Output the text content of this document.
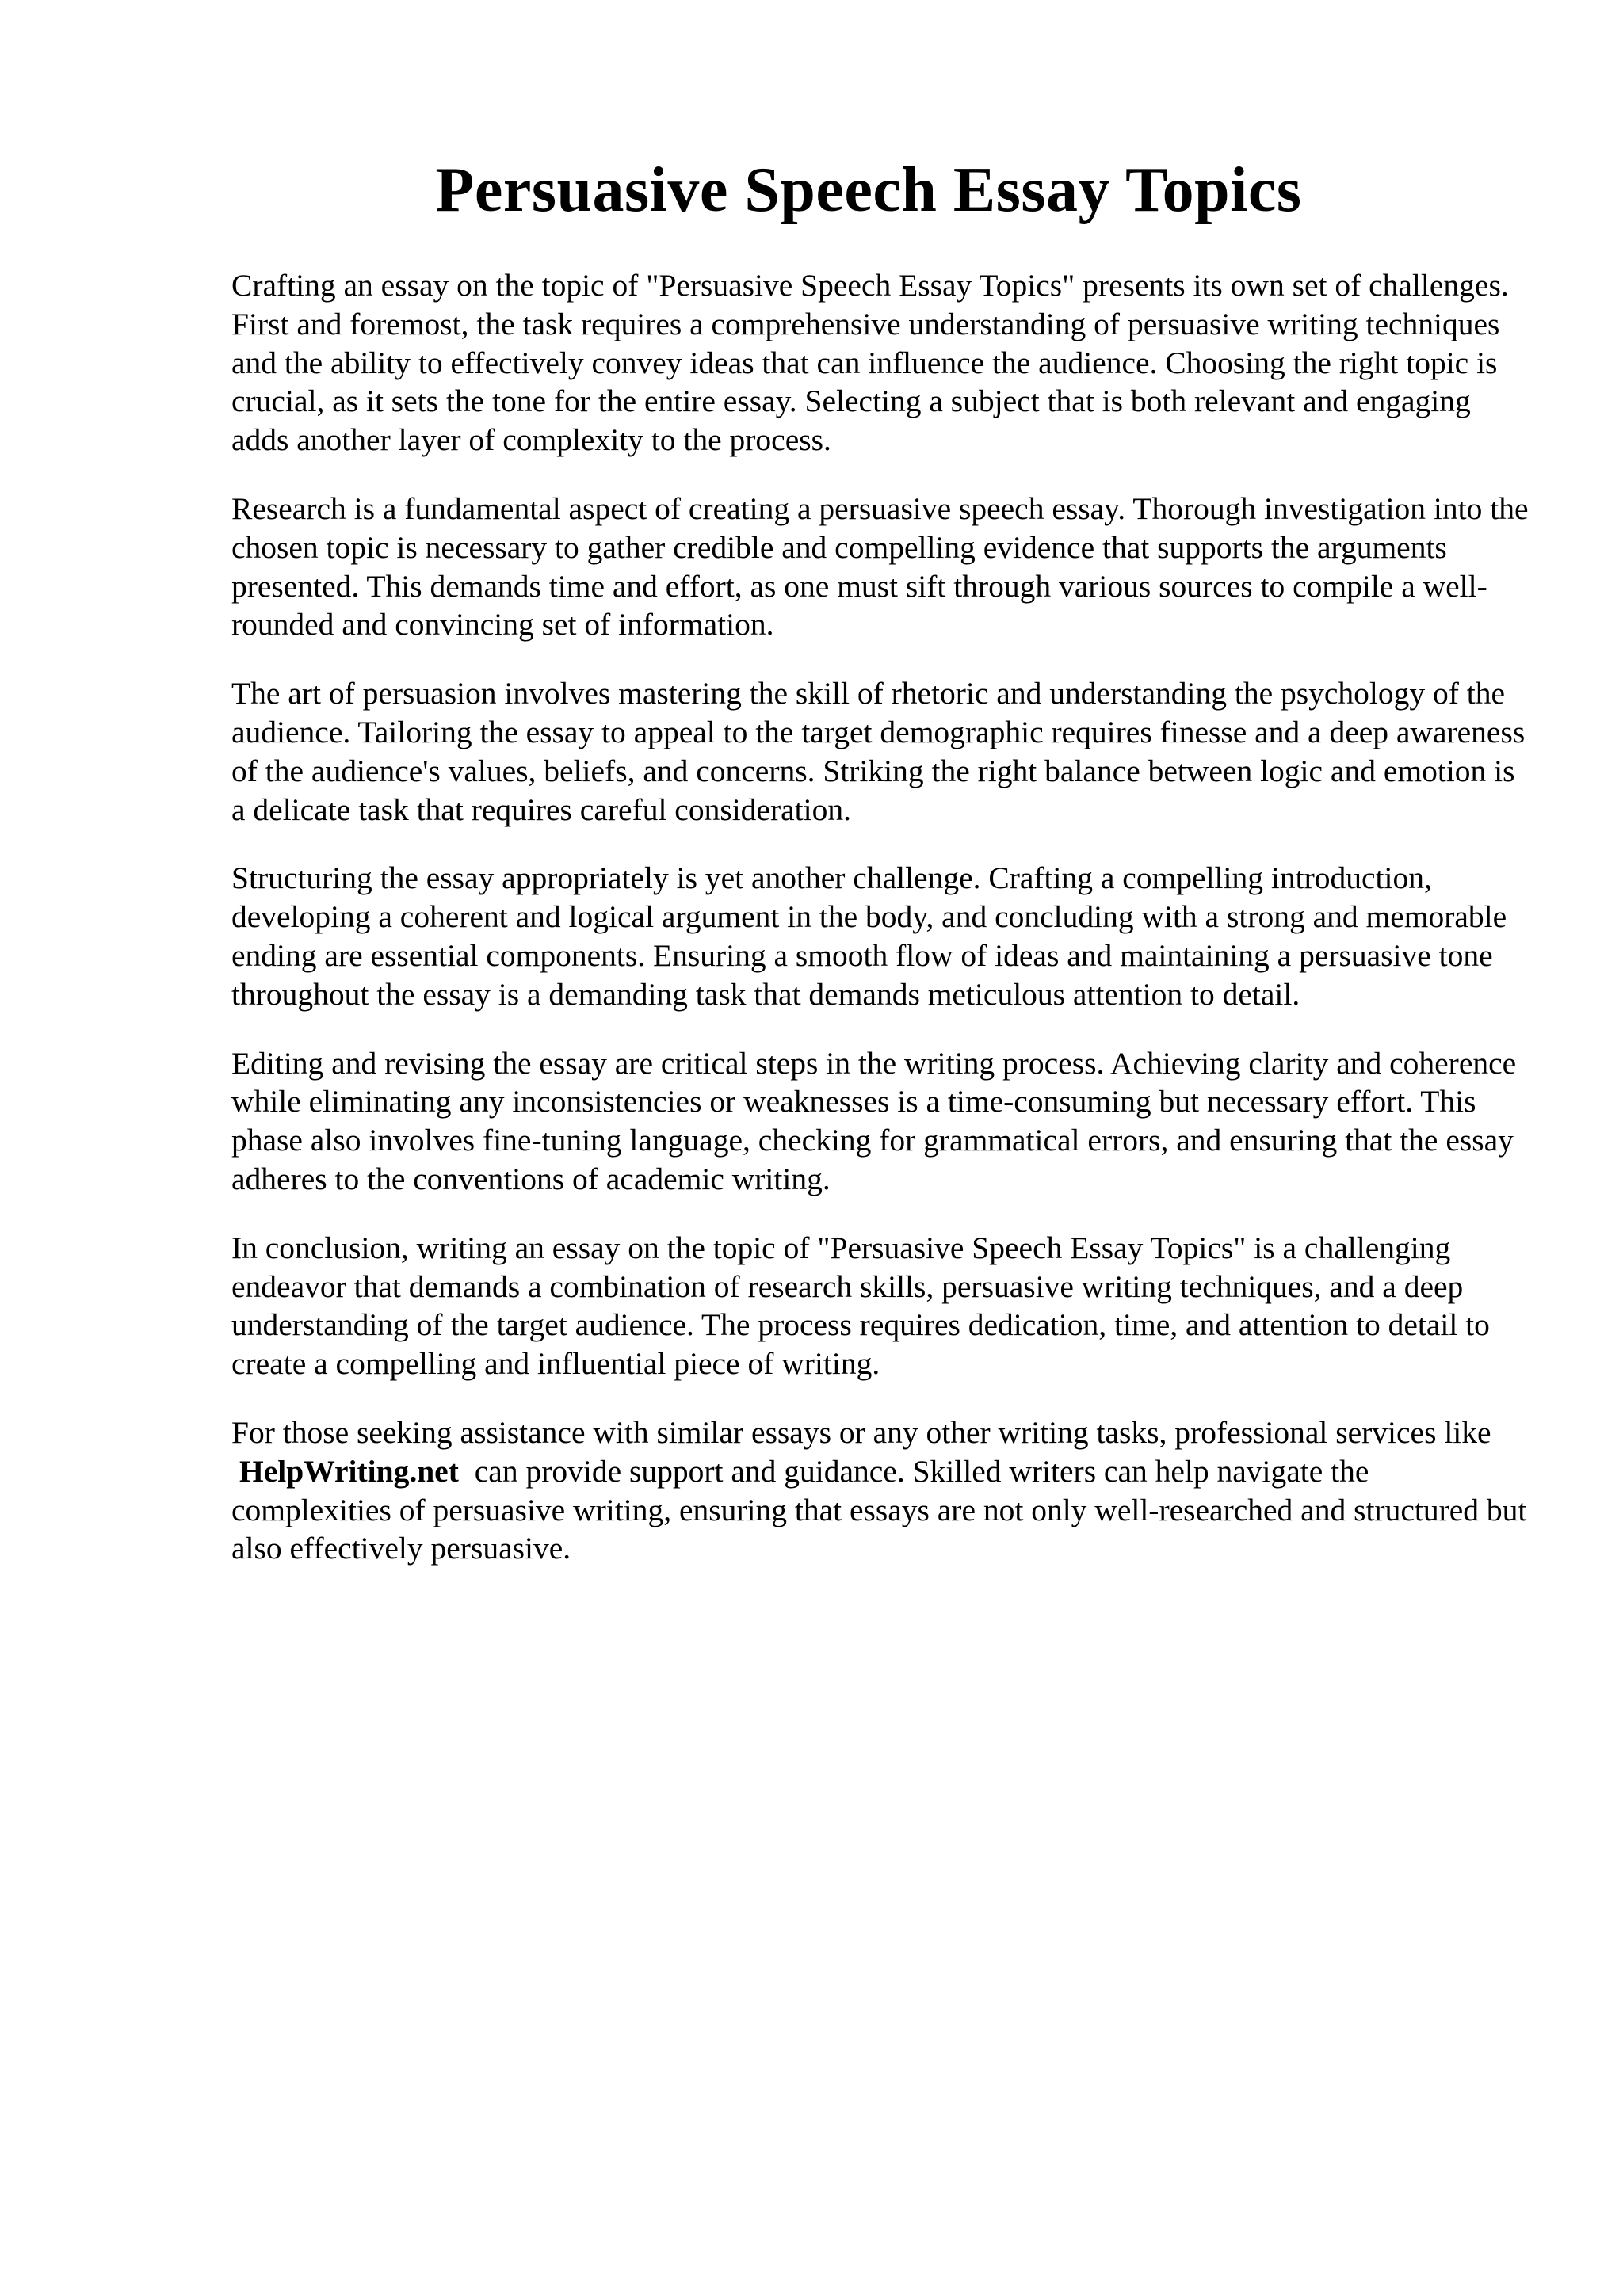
Persuasive Speech Essay Topics

Crafting an essay on the topic of "Persuasive Speech Essay Topics" presents its own set of challenges. First and foremost, the task requires a comprehensive understanding of persuasive writing techniques and the ability to effectively convey ideas that can influence the audience. Choosing the right topic is crucial, as it sets the tone for the entire essay. Selecting a subject that is both relevant and engaging adds another layer of complexity to the process.

Research is a fundamental aspect of creating a persuasive speech essay. Thorough investigation into the chosen topic is necessary to gather credible and compelling evidence that supports the arguments presented. This demands time and effort, as one must sift through various sources to compile a well-rounded and convincing set of information.

The art of persuasion involves mastering the skill of rhetoric and understanding the psychology of the audience. Tailoring the essay to appeal to the target demographic requires finesse and a deep awareness of the audience's values, beliefs, and concerns. Striking the right balance between logic and emotion is a delicate task that requires careful consideration.

Structuring the essay appropriately is yet another challenge. Crafting a compelling introduction, developing a coherent and logical argument in the body, and concluding with a strong and memorable ending are essential components. Ensuring a smooth flow of ideas and maintaining a persuasive tone throughout the essay is a demanding task that demands meticulous attention to detail.

Editing and revising the essay are critical steps in the writing process. Achieving clarity and coherence while eliminating any inconsistencies or weaknesses is a time-consuming but necessary effort. This phase also involves fine-tuning language, checking for grammatical errors, and ensuring that the essay adheres to the conventions of academic writing.

In conclusion, writing an essay on the topic of "Persuasive Speech Essay Topics" is a challenging endeavor that demands a combination of research skills, persuasive writing techniques, and a deep understanding of the target audience. The process requires dedication, time, and attention to detail to create a compelling and influential piece of writing.

For those seeking assistance with similar essays or any other writing tasks, professional services like HelpWriting.net can provide support and guidance. Skilled writers can help navigate the complexities of persuasive writing, ensuring that essays are not only well-researched and structured but also effectively persuasive.
